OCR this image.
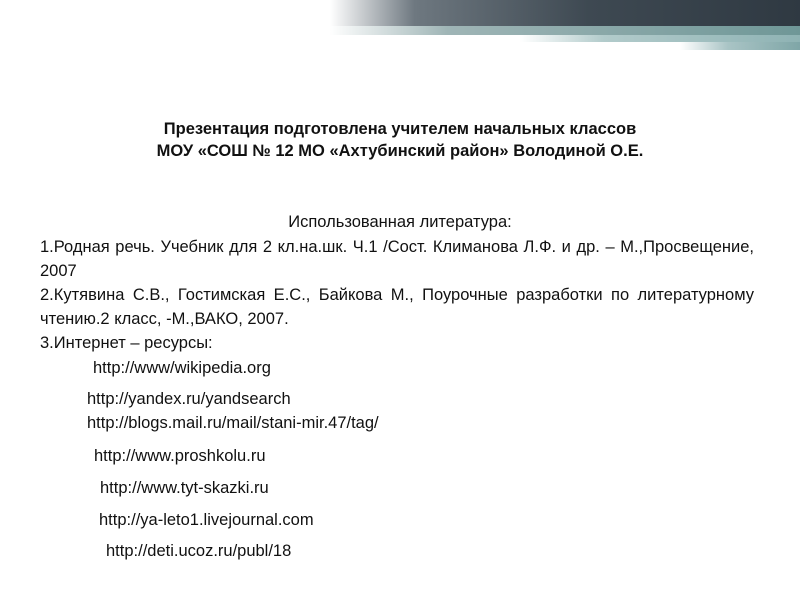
Презентация подготовлена учителем начальных классов
МОУ «СОШ № 12 МО «Ахтубинский район» Володиной О.Е.
Использованная литература:
1.Родная речь. Учебник для 2 кл.на.шк. Ч.1 /Сост. Климанова Л.Ф. и др. – М.,Просвещение, 2007
2.Кутявина С.В., Гостимская Е.С., Байкова М., Поурочные разработки по литературному чтению.2 класс, -М.,ВАКО, 2007.
3.Интернет – ресурсы:
http://www/wikipedia.org
http://yandex.ru/yandsearch
http://blogs.mail.ru/mail/stani-mir.47/tag/
http://www.proshkolu.ru
http://www.tyt-skazki.ru
http://ya-leto1.livejournal.com
http://deti.ucoz.ru/publ/18
